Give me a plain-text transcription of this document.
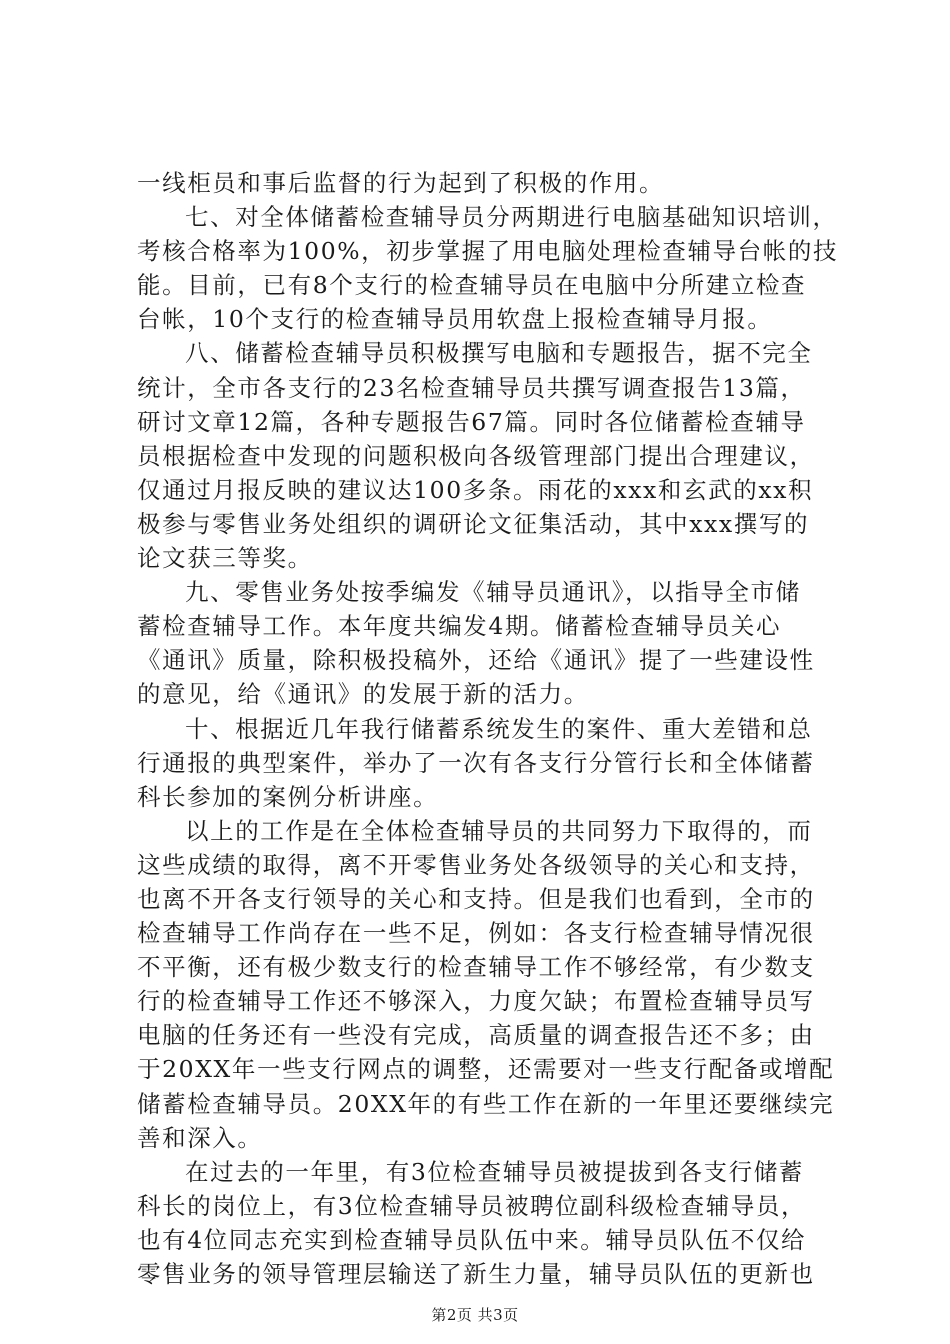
一线柜员和事后监督的行为起到了积极的作用。
七、对全体储蓄检查辅导员分两期进行电脑基础知识培训，
考核合格率为100%，初步掌握了用电脑处理检查辅导台帐的技
能。目前，已有8个支行的检查辅导员在电脑中分所建立检查
台帐，10个支行的检查辅导员用软盘上报检查辅导月报。
八、储蓄检查辅导员积极撰写电脑和专题报告，据不完全
统计，全市各支行的23名检查辅导员共撰写调查报告13篇，
研讨文章12篇，各种专题报告67篇。同时各位储蓄检查辅导
员根据检查中发现的问题积极向各级管理部门提出合理建议，
仅通过月报反映的建议达100多条。雨花的xxx和玄武的xx积
极参与零售业务处组织的调研论文征集活动，其中xxx撰写的
论文获三等奖。
九、零售业务处按季编发《辅导员通讯》，以指导全市储
蓄检查辅导工作。本年度共编发4期。储蓄检查辅导员关心
《通讯》质量，除积极投稿外，还给《通讯》提了一些建设性
的意见，给《通讯》的发展于新的活力。
十、根据近几年我行储蓄系统发生的案件、重大差错和总
行通报的典型案件，举办了一次有各支行分管行长和全体储蓄
科长参加的案例分析讲座。
以上的工作是在全体检查辅导员的共同努力下取得的，而
这些成绩的取得，离不开零售业务处各级领导的关心和支持，
也离不开各支行领导的关心和支持。但是我们也看到，全市的
检查辅导工作尚存在一些不足，例如：各支行检查辅导情况很
不平衡，还有极少数支行的检查辅导工作不够经常，有少数支
行的检查辅导工作还不够深入，力度欠缺；布置检查辅导员写
电脑的任务还有一些没有完成，高质量的调查报告还不多；由
于20XX年一些支行网点的调整，还需要对一些支行配备或增配
储蓄检查辅导员。20XX年的有些工作在新的一年里还要继续完
善和深入。
在过去的一年里，有3位检查辅导员被提拔到各支行储蓄
科长的岗位上，有3位检查辅导员被聘位副科级检查辅导员，
也有4位同志充实到检查辅导员队伍中来。辅导员队伍不仅给
零售业务的领导管理层输送了新生力量，辅导员队伍的更新也
第2页 共3页
